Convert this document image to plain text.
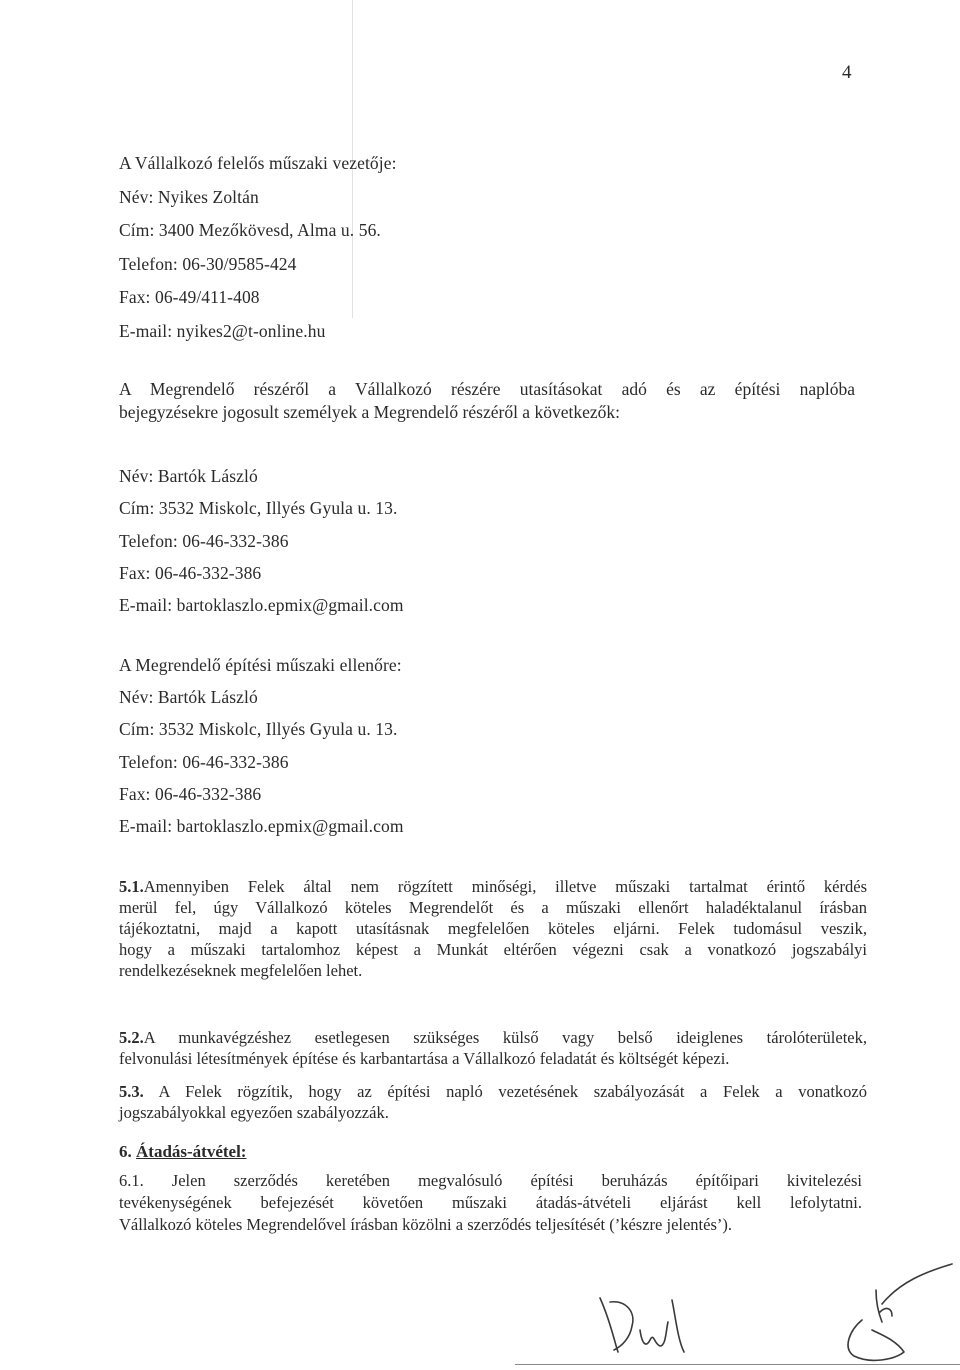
4

A Vállalkozó felelős műszaki vezetője:

Név: Nyikes Zoltán

Cím: 3400 Mezőkövesd, Alma u. 56.

Telefon: 06-30/9585-424

Fax: 06-49/411-408

E-mail: nyikes2@t-online.hu

A Megrendelő részéről a Vállalkozó részére utasításokat adó és az építési naplóba

bejegyzésekre jogosult személyek a Megrendelő részéről a következők:

Név: Bartók László

Cím: 3532 Miskolc, Illyés Gyula u. 13.

Telefon: 06-46-332-386

Fax: 06-46-332-386

E-mail: bartoklaszlo.epmix@gmail.com

A Megrendelő építési műszaki ellenőre:

Név: Bartók László

Cím: 3532 Miskolc, Illyés Gyula u. 13.

Telefon: 06-46-332-386

Fax: 06-46-332-386

E-mail: bartoklaszlo.epmix@gmail.com

5.1.Amennyiben Felek által nem rögzített minőségi, illetve műszaki tartalmat érintő kérdés

merül fel, úgy Vállalkozó köteles Megrendelőt és a műszaki ellenőrt haladéktalanul írásban

tájékoztatni, majd a kapott utasításnak megfelelően köteles eljárni. Felek tudomásul veszik,

hogy a műszaki tartalomhoz képest a Munkát eltérően végezni csak a vonatkozó jogszabályi

rendelkezéseknek megfelelően lehet.

5.2.A munkavégzéshez esetlegesen szükséges külső vagy belső ideiglenes tárolóterületek,

felvonulási létesítmények építése és karbantartása a Vállalkozó feladatát és költségét képezi.

5.3. A Felek rögzítik, hogy az építési napló vezetésének szabályozását a Felek a vonatkozó

jogszabályokkal egyezően szabályozzák.

6. Átadás-átvétel:

6.1. Jelen szerződés keretében megvalósuló építési beruházás építőipari kivitelezési

tevékenységének befejezését követően műszaki átadás-átvételi eljárást kell lefolytatni.

Vállalkozó köteles Megrendelővel írásban közölni a szerződés teljesítését (’készre jelentés’).
